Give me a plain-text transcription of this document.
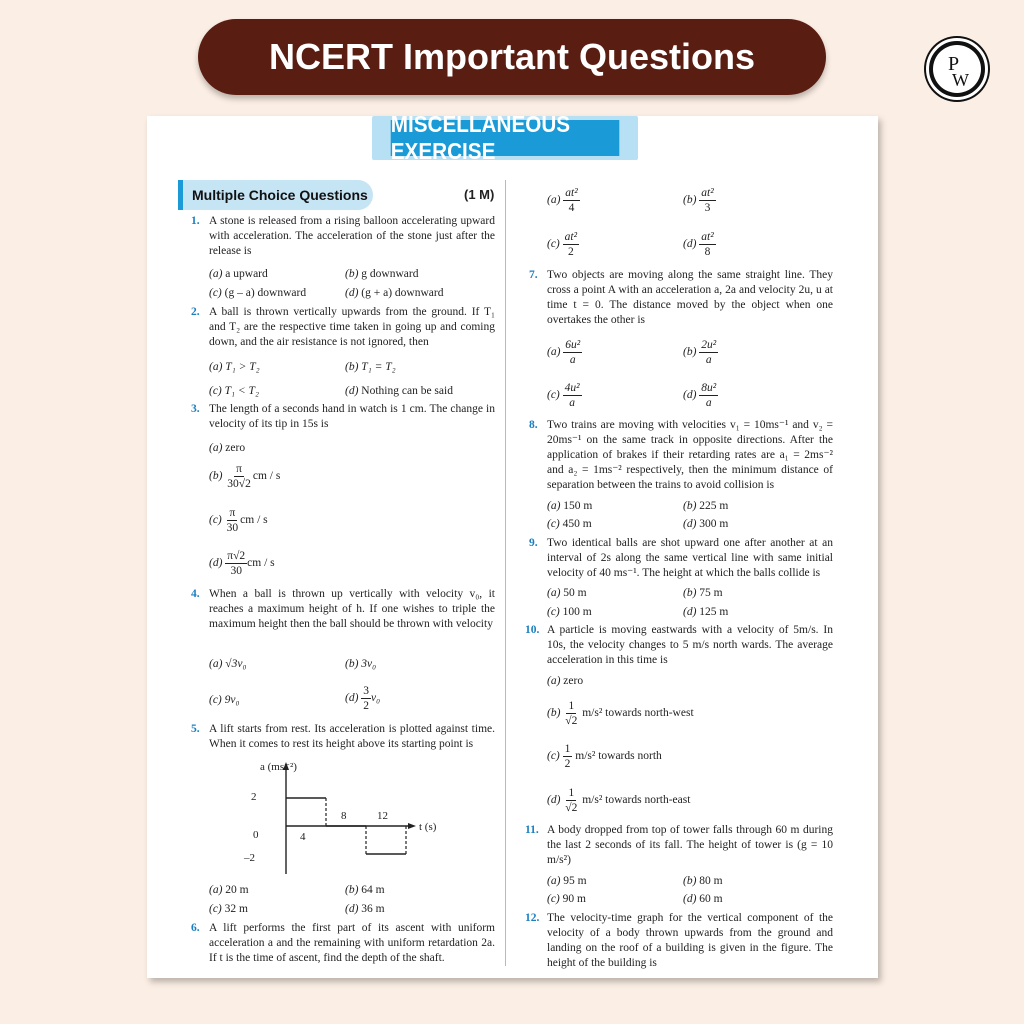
NCERT Important Questions	P
W
MISCELLANEOUS EXERCISE
Multiple Choice Questions	(1 M)
1. A stone is released from a rising balloon accelerating upward with acceleration. The acceleration of the stone just after the release is
(a) a upward	(b) g downward
(c) (g – a) downward	(d) (g + a) downward
2. A ball is thrown vertically upwards from the ground. If T₁ and T₂ are the respective time taken in going up and coming down, and the air resistance is not ignored, then
(a) T₁ > T₂	(b) T₁ = T₂
(c) T₁ < T₂	(d) Nothing can be said
3. The length of a seconds hand in watch is 1 cm. The change in velocity of its tip in 15s is
(a) zero
$(b) \frac{\pi}{30√2}$ cm / s
$(c) \frac{\pi}{30}$ cm / s
$(d) \frac{\pi√2}{30}$ cm / s
4. When a ball is thrown up vertically with velocity v₀, it reaches a maximum height of h. If one wishes to triple the maximum height then the ball should be thrown with velocity
(a) √3v₀	(b) 3v₀
(c) 9v₀	$(d) \frac{3}{2} v_0$
5. A lift starts from rest. Its acceleration is plotted against time. When it comes to rest its height above its starting point is
a (ms⁻²)
t (s)
2
0
–2
4
8	12
(a) 20 m	(b) 64 m
(c) 32 m	(d) 36 m
6. A lift performs the first part of its ascent with uniform acceleration a and the remaining with uniform retardation 2a. If t is the time of ascent, find the depth of the shaft.
$(a) \frac{\text{at²}}{4}$	$(b) \frac{\text{at²}}{3}$
$(c) \frac{\text{at²}}{2}$	$(d) \frac{\text{at²}}{8}$
7. Two objects are moving along the same straight line. They cross a point A with an acceleration a, 2a and velocity 2u, u at time t = 0. The distance moved by the object when one overtakes the other is
$(a) \frac{\text{6u²}}{a}$	$(b) \frac{\text{2u²}}{a}$
$(c) \frac{\text{4u²}}{a}$	$(d) \frac{\text{8u²}}{a}$
8. Two trains are moving with velocities v₁ = 10ms⁻¹ and v₂ = 20ms⁻¹ on the same track in opposite directions. After the application of brakes if their retarding rates are a₁ = 2ms⁻² and a₂ = 1ms⁻² respectively, then the minimum distance of separation between the trains to avoid collision is
(a) 150 m	(b) 225 m
(c) 450 m	(d) 300 m
9. Two identical balls are shot upward one after another at an interval of 2s along the same vertical line with same initial velocity of 40 ms⁻¹. The height at which the balls collide is
(a) 50 m	(b) 75 m
(c) 100 m	(d) 125 m
10. A particle is moving eastwards with a velocity of 5m/s. In 10s, the velocity changes to 5 m/s north wards. The average acceleration in this time is
(a) zero
$(b) \frac{1}{√2} m/s^2$ towards north-west
$(c) \frac{1}{2} m/s^2$ towards north
$(d) \frac{1}{√2} m/s^2$ towards north-east
11. A body dropped from top of tower falls through 60 m during the last 2 seconds of its fall. The height of tower is (g = 10 m/s²)
(a) 95 m	(b) 80 m
(c) 90 m	(d) 60 m
12. The velocity-time graph for the vertical component of the velocity of a body thrown upwards from the ground and landing on the roof of a building is given in the figure. The height of the building is
